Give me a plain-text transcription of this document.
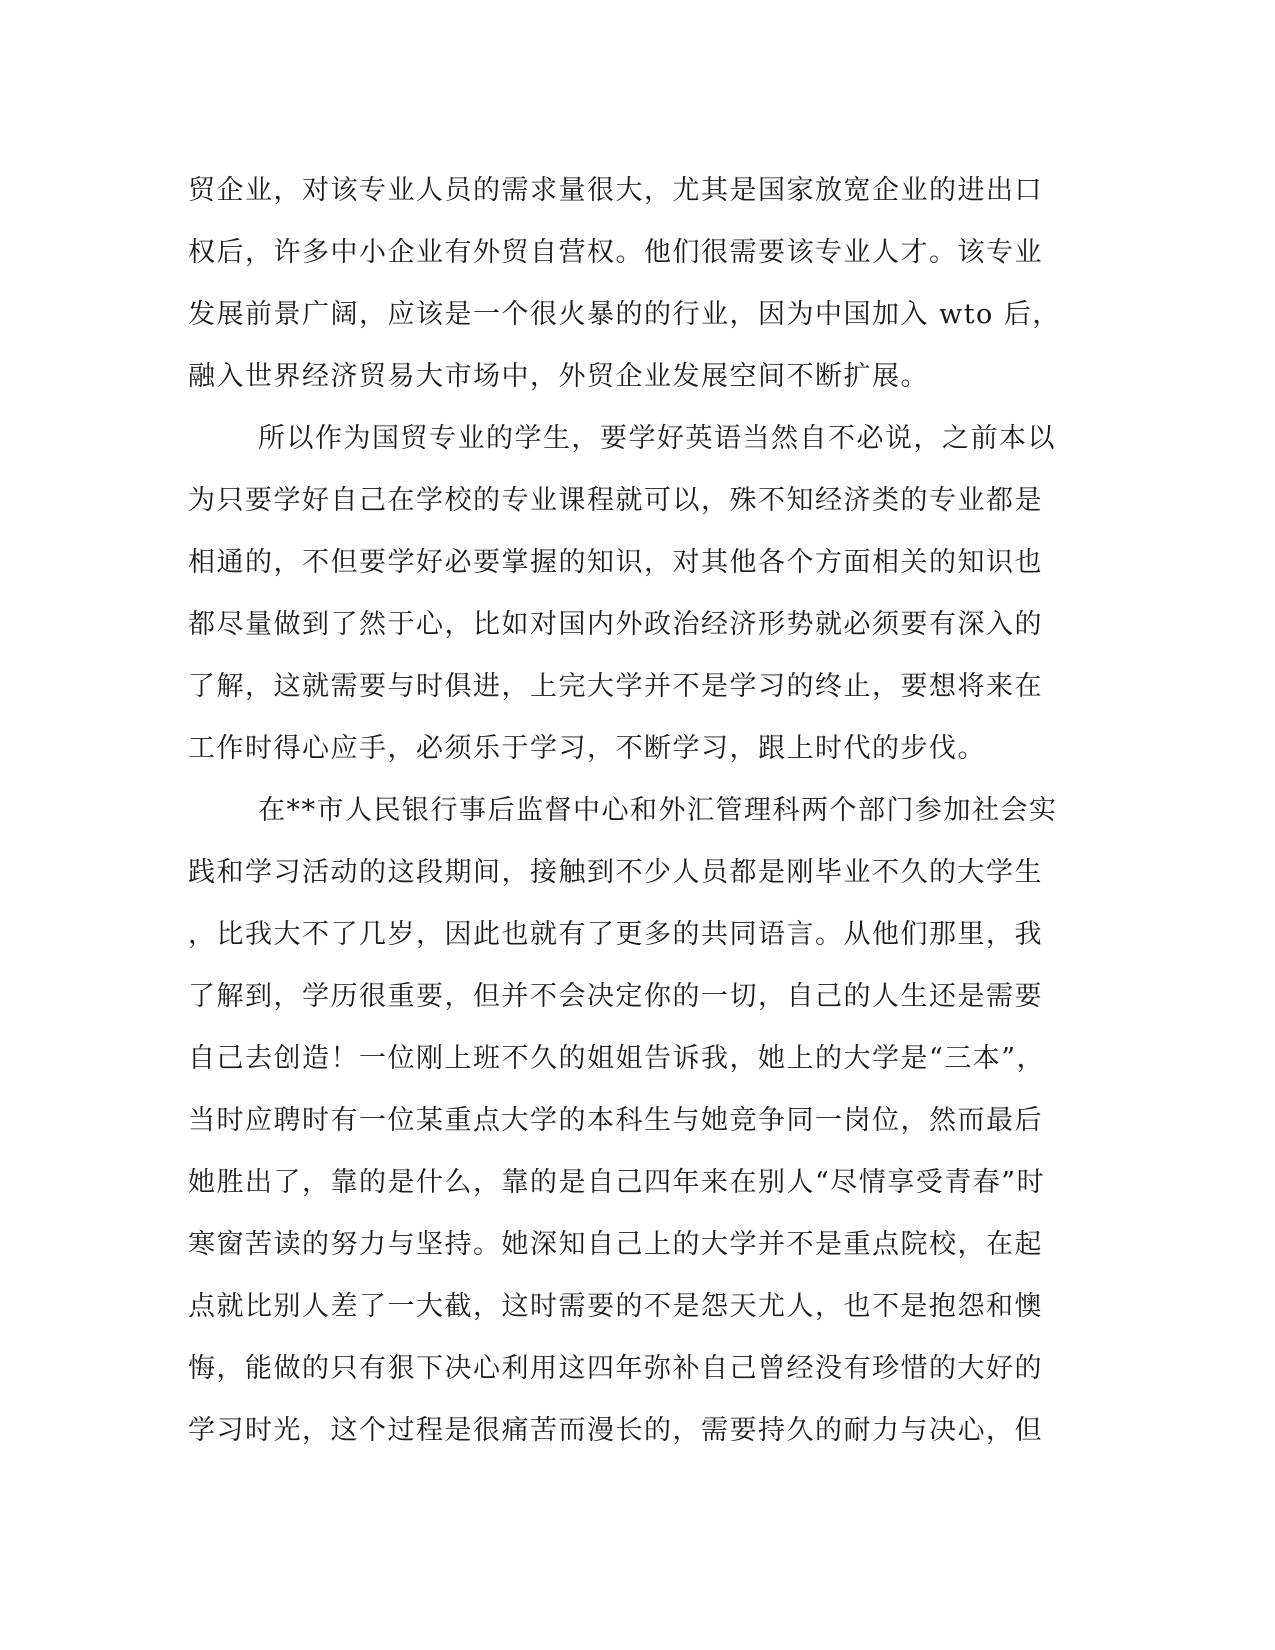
贸企业，对该专业人员的需求量很大，尤其是国家放宽企业的进出口
权后，许多中小企业有外贸自营权。他们很需要该专业人才。该专业
发展前景广阔，应该是一个很火暴的的行业，因为中国加入 wto 后，
融入世界经济贸易大市场中，外贸企业发展空间不断扩展。
所以作为国贸专业的学生，要学好英语当然自不必说，之前本以
为只要学好自己在学校的专业课程就可以，殊不知经济类的专业都是
相通的，不但要学好必要掌握的知识，对其他各个方面相关的知识也
都尽量做到了然于心，比如对国内外政治经济形势就必须要有深入的
了解，这就需要与时俱进，上完大学并不是学习的终止，要想将来在
工作时得心应手，必须乐于学习，不断学习，跟上时代的步伐。
在**市人民银行事后监督中心和外汇管理科两个部门参加社会实
践和学习活动的这段期间，接触到不少人员都是刚毕业不久的大学生
，比我大不了几岁，因此也就有了更多的共同语言。从他们那里，我
了解到，学历很重要，但并不会决定你的一切，自己的人生还是需要
自己去创造！一位刚上班不久的姐姐告诉我，她上的大学是“三本”，
当时应聘时有一位某重点大学的本科生与她竞争同一岗位，然而最后
她胜出了，靠的是什么，靠的是自己四年来在别人“尽情享受青春”时
寒窗苦读的努力与坚持。她深知自己上的大学并不是重点院校，在起
点就比别人差了一大截，这时需要的不是怨天尤人，也不是抱怨和懊
悔，能做的只有狠下决心利用这四年弥补自己曾经没有珍惜的大好的
学习时光，这个过程是很痛苦而漫长的，需要持久的耐力与决心，但
